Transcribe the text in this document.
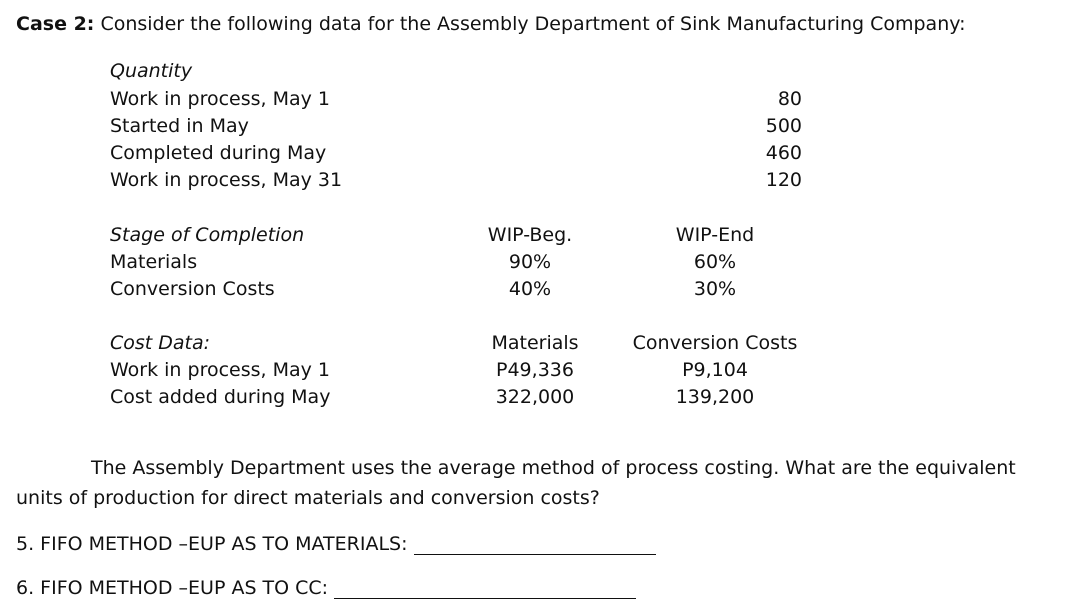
Case 2: Consider the following data for the Assembly Department of Sink Manufacturing Company:
Quantity
Work in process, May 1	80
Started in May	500
Completed during May	460
Work in process, May 31	120
Stage of Completion	WIP-Beg.	WIP-End
Materials	90%	60%
Conversion Costs	40%	30%
Cost Data:	Materials	Conversion Costs
Work in process, May 1	P49,336	P9,104
Cost added during May	322,000	139,200
The Assembly Department uses the average method of process costing. What are the equivalent
units of production for direct materials and conversion costs?
5. FIFO METHOD –EUP AS TO MATERIALS:
6. FIFO METHOD –EUP AS TO CC:
